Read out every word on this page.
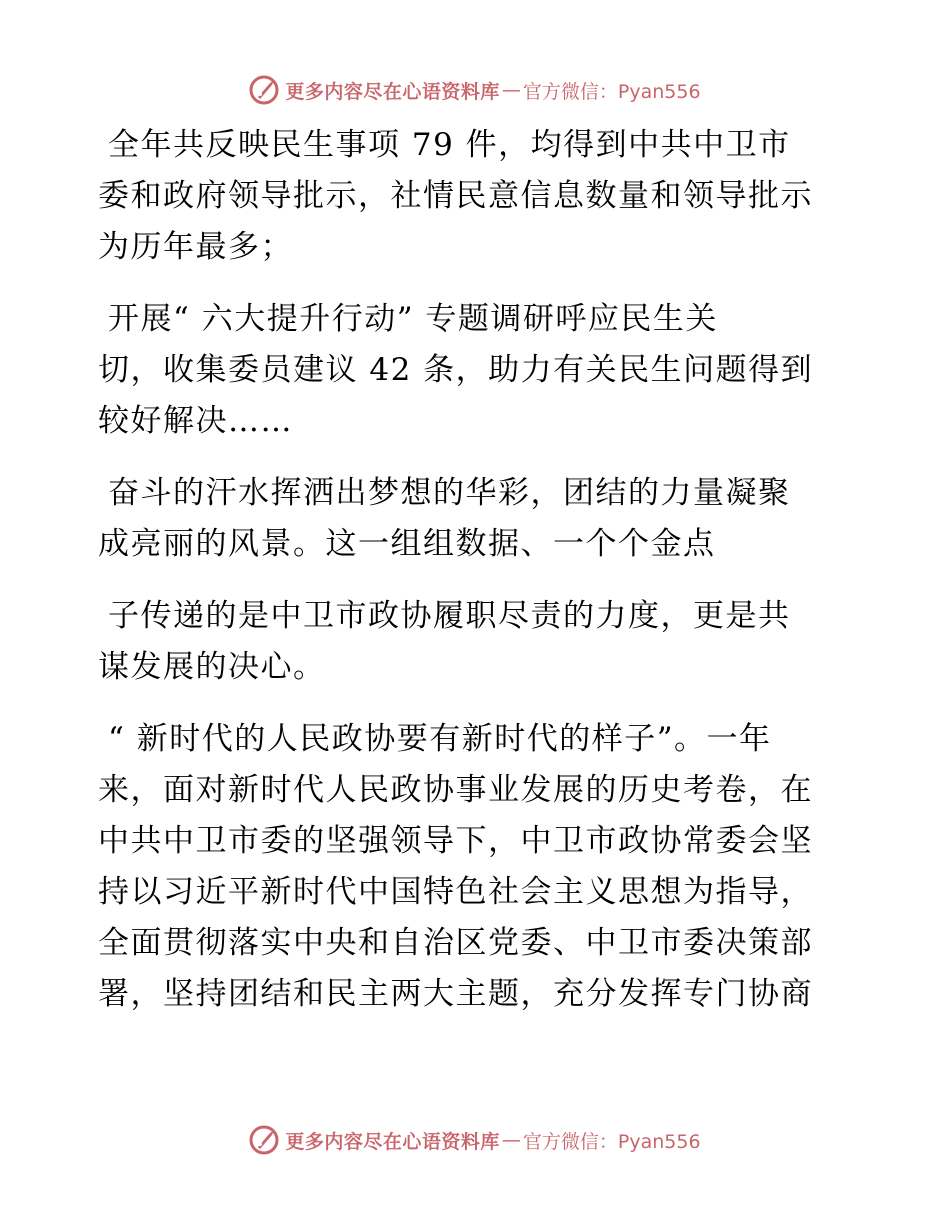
更多内容尽在心语资料库 — 官方微信：Pyan556
全年共反映民生事项 79 件，均得到中共中卫市
委和政府领导批示，社情民意信息数量和领导批示
为历年最多；
开展“ 六大提升行动” 专题调研呼应民生关
切，收集委员建议 42 条，助力有关民生问题得到
较好解决……
奋斗的汗水挥洒出梦想的华彩，团结的力量凝聚
成亮丽的风景。这一组组数据、一个个金点
子传递的是中卫市政协履职尽责的力度，更是共
谋发展的决心。
“ 新时代的人民政协要有新时代的样子”。一年
来，面对新时代人民政协事业发展的历史考卷，在
中共中卫市委的坚强领导下，中卫市政协常委会坚
持以习近平新时代中国特色社会主义思想为指导，
全面贯彻落实中央和自治区党委、中卫市委决策部
署，坚持团结和民主两大主题，充分发挥专门协商
更多内容尽在心语资料库 — 官方微信：Pyan556
